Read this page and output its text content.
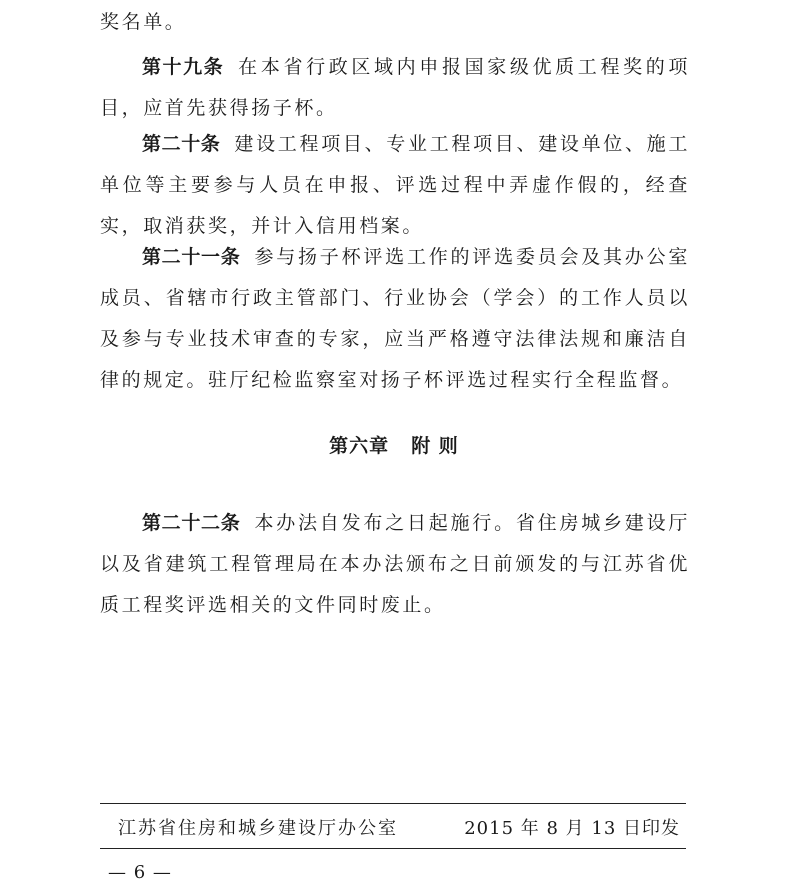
奖名单。

第十九条 在本省行政区域内申报国家级优质工程奖的项目，应首先获得扬子杯。

第二十条 建设工程项目、专业工程项目、建设单位、施工单位等主要参与人员在申报、评选过程中弄虚作假的，经查实，取消获奖，并计入信用档案。

第二十一条 参与扬子杯评选工作的评选委员会及其办公室成员、省辖市行政主管部门、行业协会（学会）的工作人员以及参与专业技术审查的专家，应当严格遵守法律法规和廉洁自律的规定。驻厅纪检监察室对扬子杯评选过程实行全程监督。

第六章 附 则

第二十二条 本办法自发布之日起施行。省住房城乡建设厅以及省建筑工程管理局在本办法颁布之日前颁发的与江苏省优质工程奖评选相关的文件同时废止。

江苏省住房和城乡建设厅办公室	2015 年 8 月 13 日印发
— 6 —
